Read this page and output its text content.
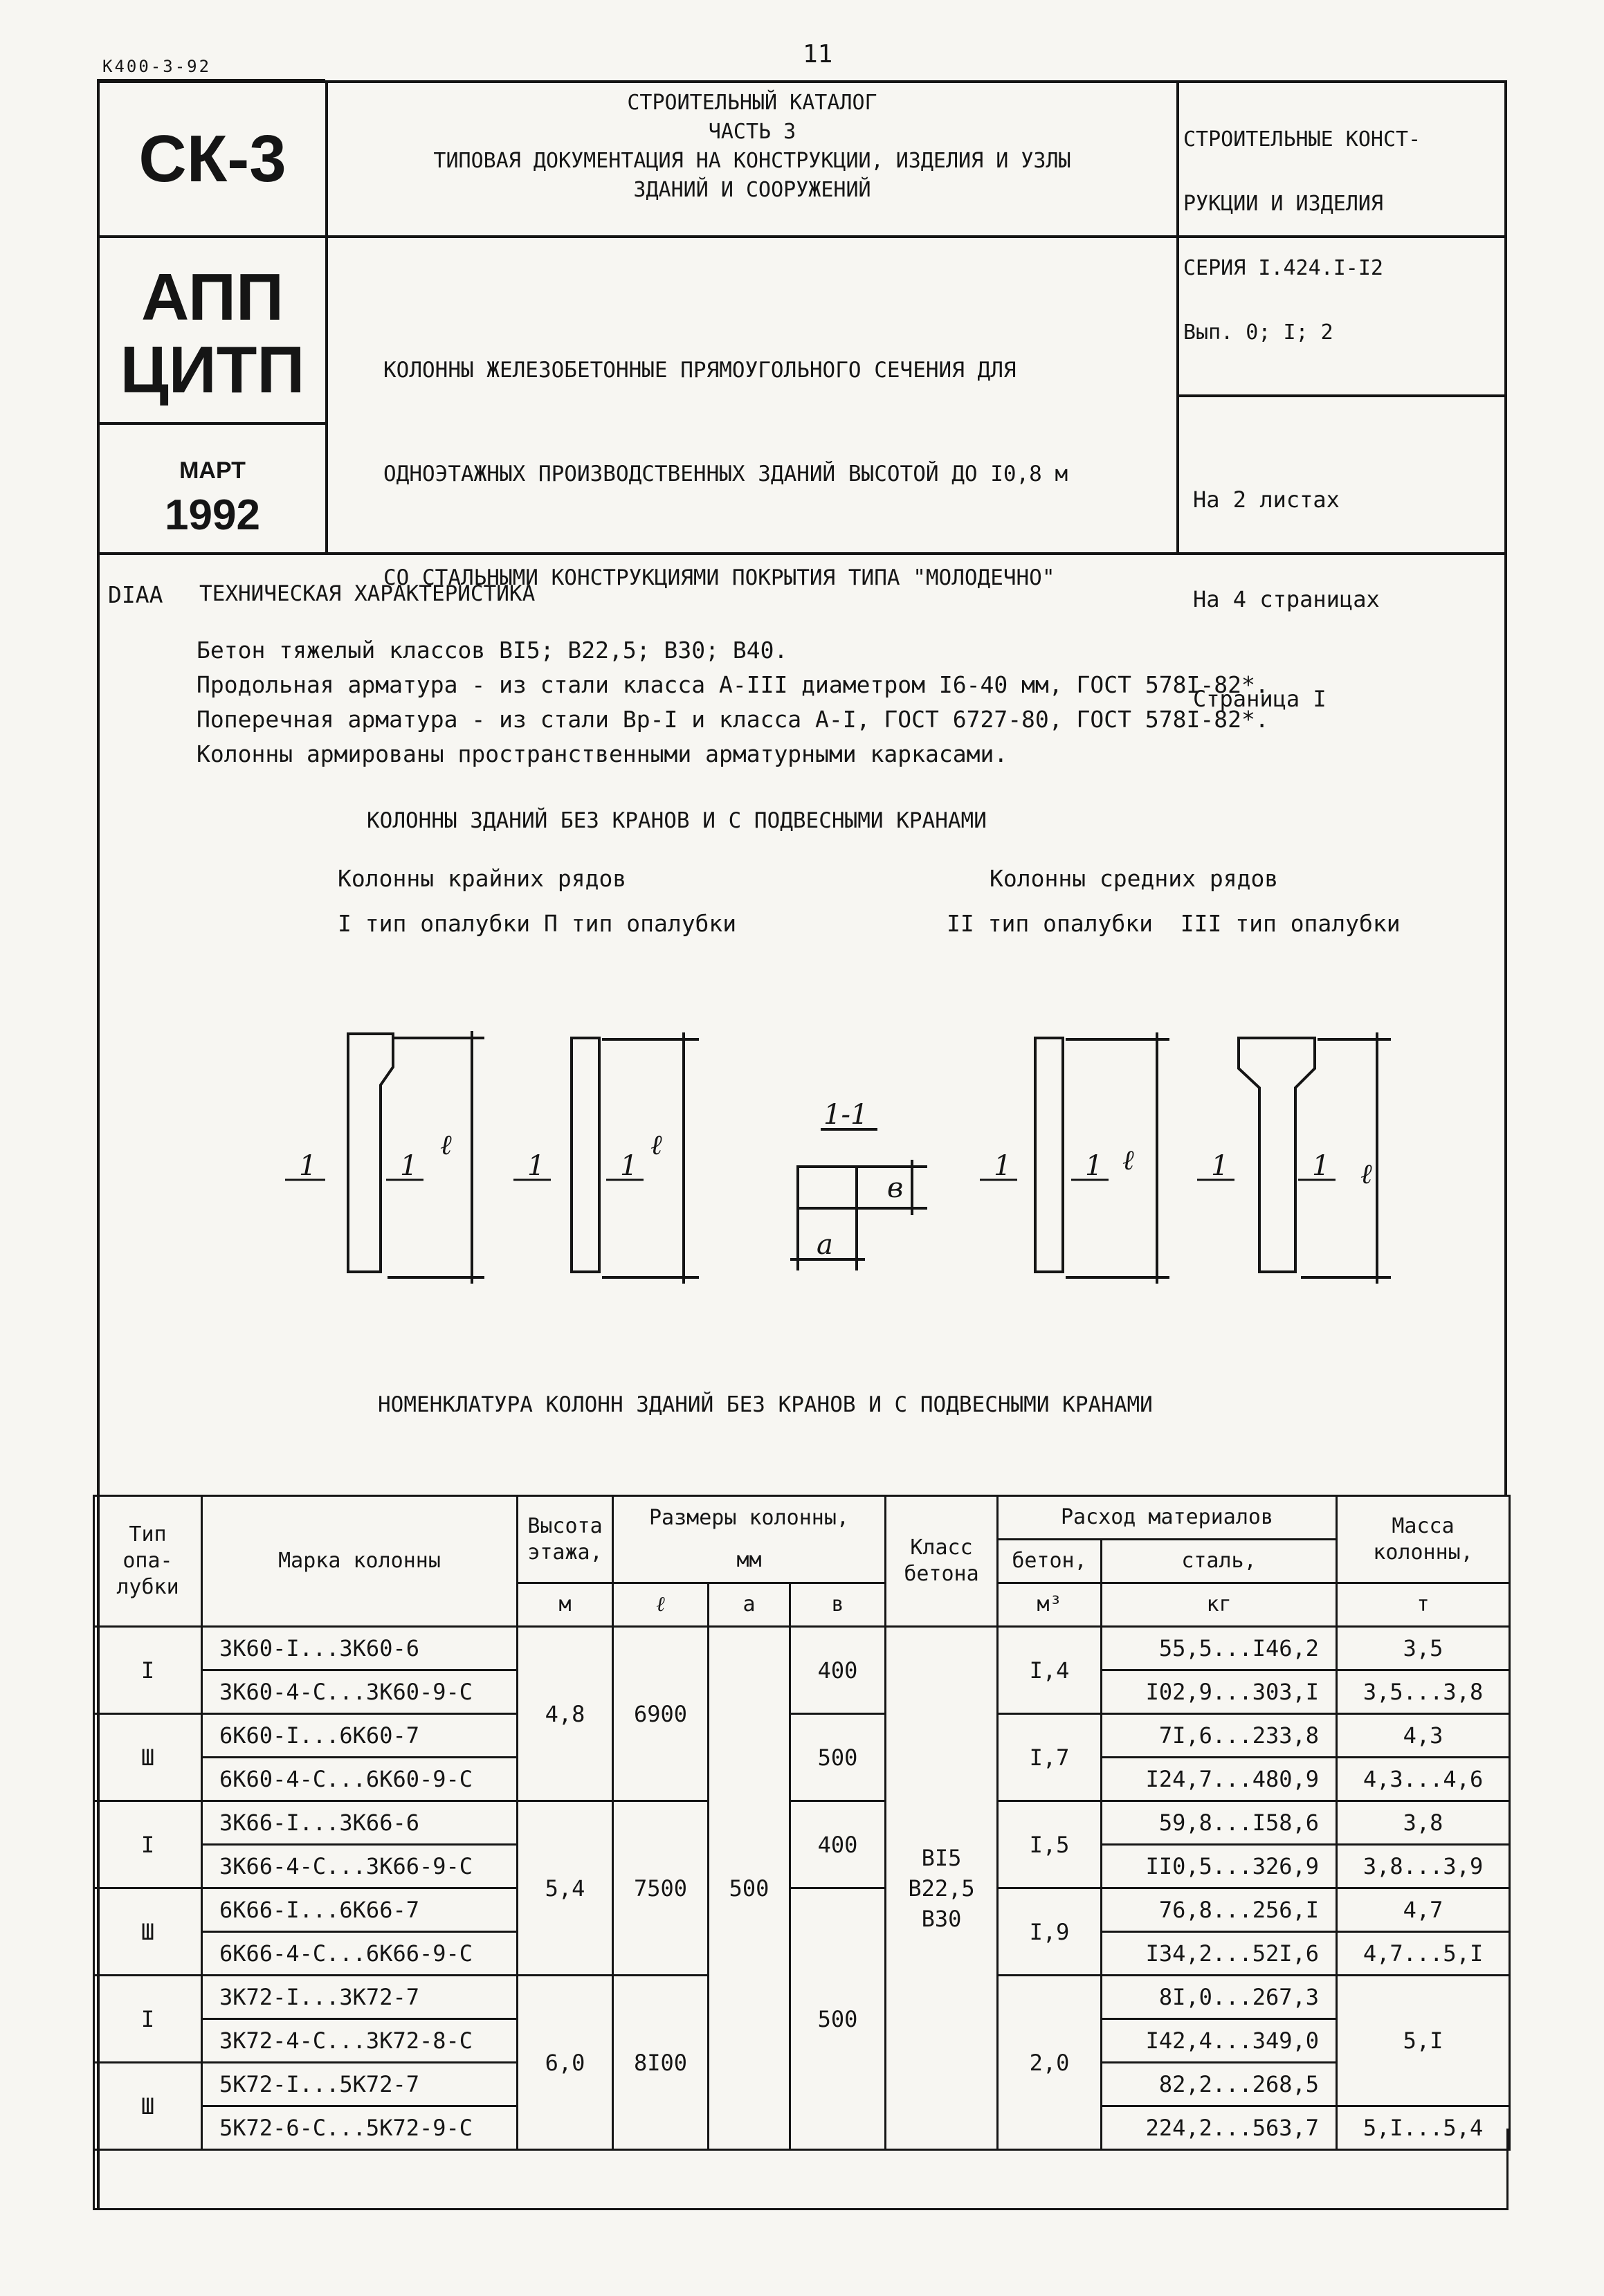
К400-3-92	11
СК-3
АПП
ЦИТП
МАРТ
1992
СТРОИТЕЛЬНЫЙ КАТАЛОГ
ЧАСТЬ 3
ТИПОВАЯ ДОКУМЕНТАЦИЯ НА КОНСТРУКЦИИ, ИЗДЕЛИЯ И УЗЛЫ
ЗДАНИЙ И СООРУЖЕНИЙ

КОЛОННЫ ЖЕЛЕЗОБЕТОННЫЕ ПРЯМОУГОЛЬНОГО СЕЧЕНИЯ ДЛЯ

ОДНОЭТАЖНЫХ ПРОИЗВОДСТВЕННЫХ ЗДАНИЙ ВЫСОТОЙ ДО I0,8 м

СО СТАЛЬНЫМИ КОНСТРУКЦИЯМИ ПОКРЫТИЯ ТИПА "МОЛОДЕЧНО"

СТРОИТЕЛЬНЫЕ КОНСТ-

РУКЦИИ И ИЗДЕЛИЯ

СЕРИЯ I.424.I-I2

Вып. 0; I; 2

На 2 листах

На 4 страницах

Страница I

DIAA ТЕХНИЧЕСКАЯ ХАРАКТЕРИСТИКА
Бетон тяжелый классов BI5; B22,5; B30; B40.
Продольная арматура - из стали класса А-III диаметром I6-40 мм, ГОСТ 578I-82*.
Поперечная арматура - из стали Вр-I и класса А-I, ГОСТ 6727-80, ГОСТ 578I-82*.
Колонны армированы пространственными арматурными каркасами.
КОЛОННЫ ЗДАНИЙ БЕЗ КРАНОВ И С ПОДВЕСНЫМИ КРАНАМИ
Колонны крайних рядов	Колонны средних рядов
I тип опалубки П тип опалубки	II тип опалубки  III тип опалубки
1	1	1	1	1	1	1	1
ℓ	ℓ	ℓ	ℓ
1-1
а
в
НОМЕНКЛАТУРА КОЛОНН ЗДАНИЙ БЕЗ КРАНОВ И С ПОДВЕСНЫМИ КРАНАМИ
Тип опа-лубки	Марка колонны	Высота этажа,	Размеры колонны,			Класс бетона	Расход материалов		Масса колонны,
			мм				бетон,	сталь,	
		м	ℓ	а	в		м³	кг	т
I	3К60-I...3К60-6	4,8	6900	500	400	BI5 B22,5 B30	I,4	55,5...I46,2	3,5
	3К60-4-С...3К60-9-С							I02,9...303,I	3,5...3,8
Ш	6К60-I...6К60-7				500		I,7	7I,6...233,8	4,3
	6К60-4-С...6К60-9-С							I24,7...480,9	4,3...4,6
I	3К66-I...3К66-6	5,4	7500		400		I,5	59,8...I58,6	3,8
	3К66-4-С...3К66-9-С							II0,5...326,9	3,8...3,9
Ш	6К66-I...6К66-7				500		I,9	76,8...256,I	4,7
	6К66-4-С...6К66-9-С							I34,2...52I,6	4,7...5,I
I	3К72-I...3К72-7	6,0	8I00				2,0	8I,0...267,3	5,I
	3К72-4-С...3К72-8-С							I42,4...349,0	
Ш	5К72-I...5К72-7							82,2...268,5	
	5К72-6-С...5К72-9-С							224,2...563,7	5,I...5,4
